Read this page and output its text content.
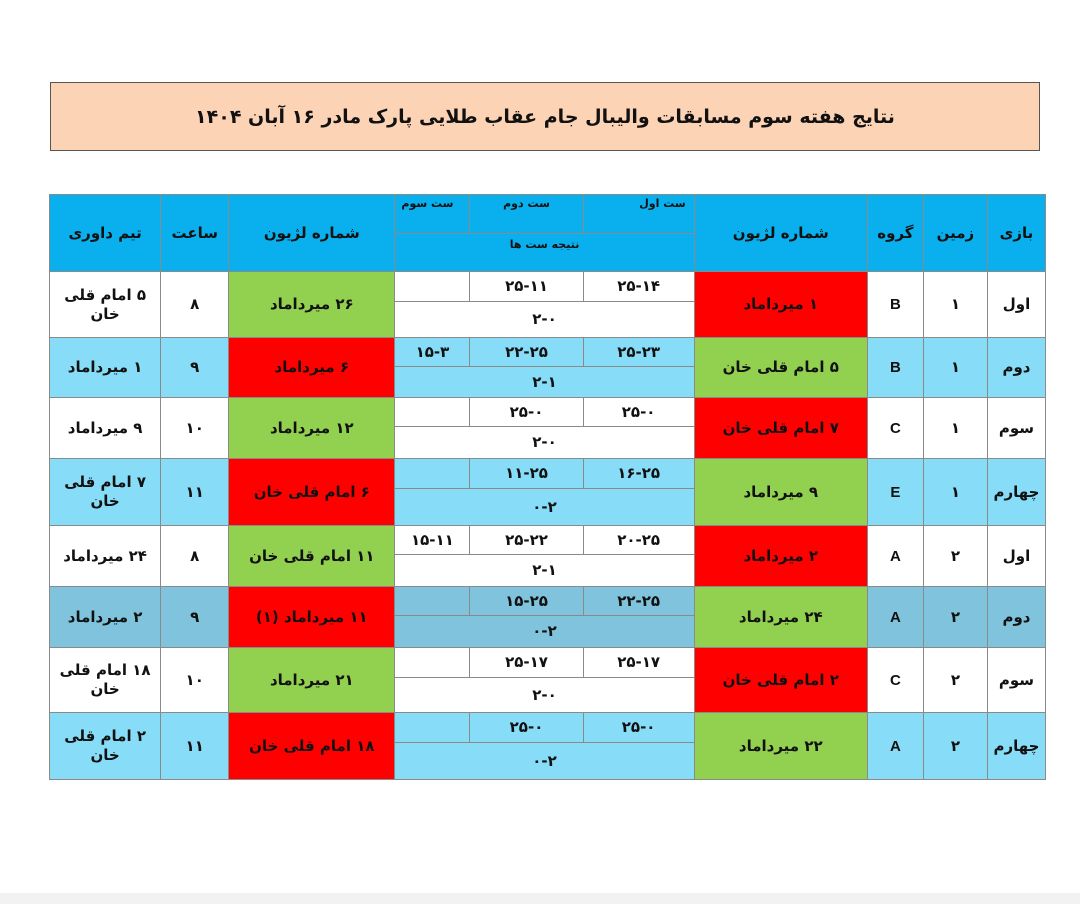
نتایج هفته سوم مسابقات والیبال جام عقاب طلایی پارک مادر ۱۶ آبان ۱۴۰۴
بازی	زمین	گروه	شماره لژیون	ست اول	ست دوم	ست سوم	شماره لژیون	ساعت	تیم داوری
				نتیجه ست ها					
اول	۱	B	۱ میرداماد	۲۵-۱۴	۲۵-۱۱		۲۶ میرداماد	۸	۵ امام قلی خان
				۲-۰					
دوم	۱	B	۵ امام قلی خان	۲۵-۲۳	۲۲-۲۵	۱۵-۳	۶ میرداماد	۹	۱ میرداماد
				۲-۱					
سوم	۱	C	۷ امام قلی خان	۲۵-۰	۲۵-۰		۱۲ میرداماد	۱۰	۹ میرداماد
				۲-۰					
چهارم	۱	E	۹ میرداماد	۱۶-۲۵	۱۱-۲۵		۶ امام قلی خان	۱۱	۷ امام قلی خان
				۰-۲					
اول	۲	A	۲ میرداماد	۲۰-۲۵	۲۵-۲۲	۱۵-۱۱	۱۱ امام قلی خان	۸	۲۴ میرداماد
				۲-۱					
دوم	۲	A	۲۴ میرداماد	۲۲-۲۵	۱۵-۲۵		۱۱ میرداماد (۱)	۹	۲ میرداماد
				۰-۲					
سوم	۲	C	۲ امام قلی خان	۲۵-۱۷	۲۵-۱۷		۲۱ میرداماد	۱۰	۱۸ امام قلی خان
				۲-۰					
چهارم	۲	A	۲۲ میرداماد	۲۵-۰	۲۵-۰		۱۸ امام قلی خان	۱۱	۲ امام قلی خان
				۰-۲					
